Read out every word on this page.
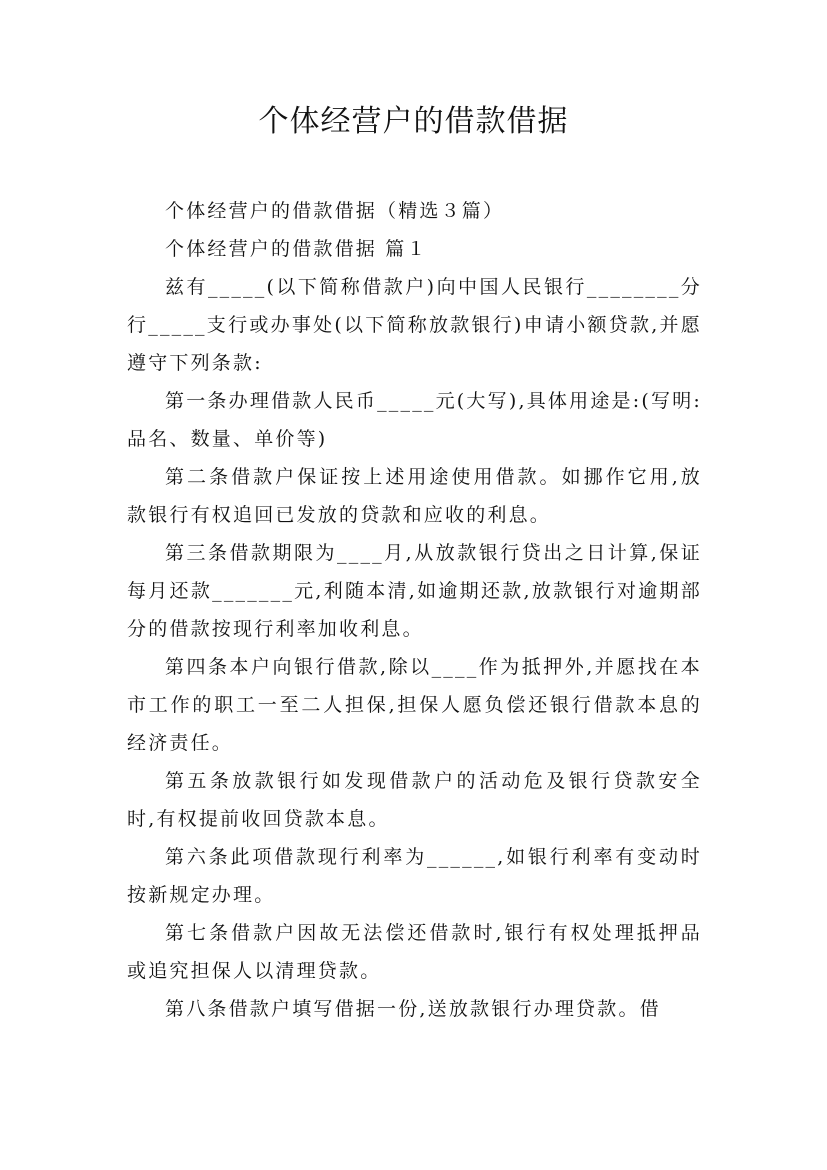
个体经营户的借款借据

个体经营户的借款借据（精选３篇）

个体经营户的借款借据 篇１

兹有_____(以下简称借款户)向中国人民银行________分行_____支行或办事处(以下简称放款银行)申请小额贷款,并愿遵守下列条款:

第一条办理借款人民币_____元(大写),具体用途是:(写明:品名、数量、单价等)

第二条借款户保证按上述用途使用借款。如挪作它用,放款银行有权追回已发放的贷款和应收的利息。

第三条借款期限为____月,从放款银行贷出之日计算,保证每月还款_______元,利随本清,如逾期还款,放款银行对逾期部分的借款按现行利率加收利息。

第四条本户向银行借款,除以____作为抵押外,并愿找在本市工作的职工一至二人担保,担保人愿负偿还银行借款本息的经济责任。

第五条放款银行如发现借款户的活动危及银行贷款安全时,有权提前收回贷款本息。

第六条此项借款现行利率为______,如银行利率有变动时按新规定办理。

第七条借款户因故无法偿还借款时,银行有权处理抵押品或追究担保人以清理贷款。

第八条借款户填写借据一份,送放款银行办理贷款。借
